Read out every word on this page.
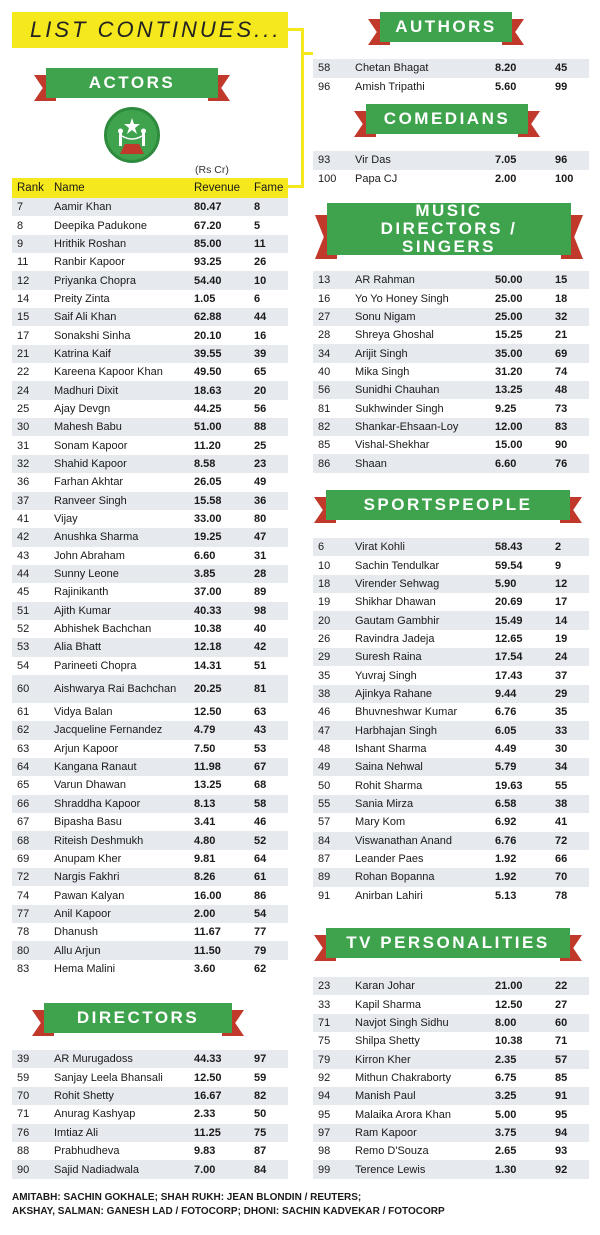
LIST CONTINUES...
ACTORS
(Rs Cr)
Rank Name	Revenue	Fame
7	Aamir Khan	80.47	8
8	Deepika Padukone	67.20	5
9	Hrithik Roshan	85.00	11
11	Ranbir Kapoor	93.25	26
12	Priyanka Chopra	54.40	10
14	Preity Zinta	1.05	6
15	Saif Ali Khan	62.88	44
17	Sonakshi Sinha	20.10	16
21	Katrina Kaif	39.55	39
22	Kareena Kapoor Khan	49.50	65
24	Madhuri Dixit	18.63	20
25	Ajay Devgn	44.25	56
30	Mahesh Babu	51.00	88
31	Sonam Kapoor	11.20	25
32	Shahid Kapoor	8.58	23
36	Farhan Akhtar	26.05	49
37	Ranveer Singh	15.58	36
41	Vijay	33.00	80
42	Anushka Sharma	19.25	47
43	John Abraham	6.60	31
44	Sunny Leone	3.85	28
45	Rajinikanth	37.00	89
51	Ajith Kumar	40.33	98
52	Abhishek Bachchan	10.38	40
53	Alia Bhatt	12.18	42
54	Parineeti Chopra	14.31	51
60	Aishwarya Rai Bachchan	20.25	81
61	Vidya Balan	12.50	63
62	Jacqueline Fernandez	4.79	43
63	Arjun Kapoor	7.50	53
64	Kangana Ranaut	11.98	67
65	Varun Dhawan	13.25	68
66	Shraddha Kapoor	8.13	58
67	Bipasha Basu	3.41	46
68	Riteish Deshmukh	4.80	52
69	Anupam Kher	9.81	64
72	Nargis Fakhri	8.26	61
74	Pawan Kalyan	16.00	86
77	Anil Kapoor	2.00	54
78	Dhanush	11.67	77
80	Allu Arjun	11.50	79
83	Hema Malini	3.60	62
DIRECTORS
39	AR Murugadoss	44.33	97
59	Sanjay Leela Bhansali	12.50	59
70	Rohit Shetty	16.67	82
71	Anurag Kashyap	2.33	50
76	Imtiaz Ali	11.25	75
88	Prabhudheva	9.83	87
90	Sajid Nadiadwala	7.00	84
AUTHORS
58	Chetan Bhagat	8.20	45
96	Amish Tripathi	5.60	99
COMEDIANS
93	Vir Das	7.05	96
100	Papa CJ	2.00	100
MUSIC DIRECTORS / SINGERS
13	AR Rahman	50.00	15
16	Yo Yo Honey Singh	25.00	18
27	Sonu Nigam	25.00	32
28	Shreya Ghoshal	15.25	21
34	Arijit Singh	35.00	69
40	Mika Singh	31.20	74
56	Sunidhi Chauhan	13.25	48
81	Sukhwinder Singh	9.25	73
82	Shankar-Ehsaan-Loy	12.00	83
85	Vishal-Shekhar	15.00	90
86	Shaan	6.60	76
SPORTSPEOPLE
6	Virat Kohli	58.43	2
10	Sachin Tendulkar	59.54	9
18	Virender Sehwag	5.90	12
19	Shikhar Dhawan	20.69	17
20	Gautam Gambhir	15.49	14
26	Ravindra Jadeja	12.65	19
29	Suresh Raina	17.54	24
35	Yuvraj Singh	17.43	37
38	Ajinkya Rahane	9.44	29
46	Bhuvneshwar Kumar	6.76	35
47	Harbhajan Singh	6.05	33
48	Ishant Sharma	4.49	30
49	Saina Nehwal	5.79	34
50	Rohit Sharma	19.63	55
55	Sania Mirza	6.58	38
57	Mary Kom	6.92	41
84	Viswanathan Anand	6.76	72
87	Leander Paes	1.92	66
89	Rohan Bopanna	1.92	70
91	Anirban Lahiri	5.13	78
TV PERSONALITIES
23	Karan Johar	21.00	22
33	Kapil Sharma	12.50	27
71	Navjot Singh Sidhu	8.00	60
75	Shilpa Shetty	10.38	71
79	Kirron Kher	2.35	57
92	Mithun Chakraborty	6.75	85
94	Manish Paul	3.25	91
95	Malaika Arora Khan	5.00	95
97	Ram Kapoor	3.75	94
98	Remo D'Souza	2.65	93
99	Terence Lewis	1.30	92
AMITABH: SACHIN GOKHALE; SHAH RUKH: JEAN BLONDIN / REUTERS;
AKSHAY, SALMAN: GANESH LAD / FOTOCORP; DHONI: SACHIN KADVEKAR / FOTOCORP
